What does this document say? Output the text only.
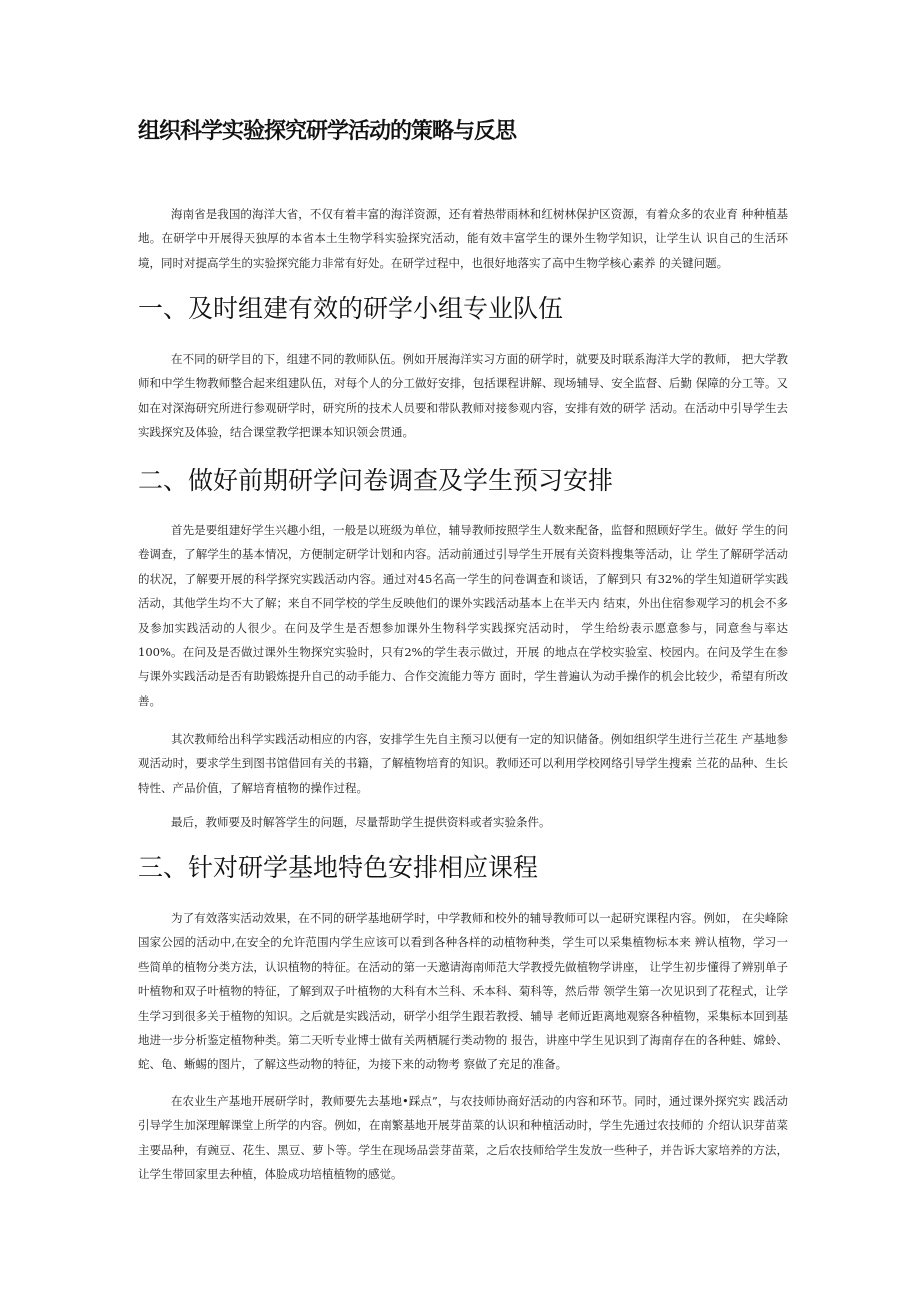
组织科学实验探究研学活动的策略与反思

海南省是我国的海洋大省，不仅有着丰富的海洋资源，还有着热带雨林和红树林保护区资源，有着众多的农业育 种种植基地。在研学中开展得天独厚的本省本土生物学科实验探究活动，能有效丰富学生的课外生物学知识，让学生认 识自己的生活环境，同时对提高学生的实验探究能力非常有好处。在研学过程中，也很好地落实了高中生物学核心素养 的关键问题。

一、及时组建有效的研学小组专业队伍

在不同的研学目的下，组建不同的教师队伍。例如开展海洋实习方面的研学时，就要及时联系海洋大学的教师， 把大学教师和中学生物教师整合起来组建队伍，对每个人的分工做好安排，包括课程讲解、现场辅导、安全监督、后勤 保障的分工等。又如在对深海研究所进行参观研学时，研究所的技术人员要和带队教师对接参观内容，安排有效的研学 活动。在活动中引导学生去实践探究及体验，结合课堂教学把课本知识领会贯通。

二、做好前期研学问卷调查及学生预习安排

首先是要组建好学生兴趣小组，一般是以班级为单位，辅导教师按照学生人数来配备，监督和照顾好学生。做好 学生的问卷调查，了解学生的基本情况，方便制定研学计划和内容。活动前通过引导学生开展有关资料搜集等活动，让 学生了解研学活动的状况，了解要开展的科学探究实践活动内容。通过对45名高一学生的问卷调查和谈话，了解到只 有32%的学生知道研学实践活动，其他学生均不大了解；来自不同学校的学生反映他们的课外实践活动基本上在半天内 结束，外出住宿参观学习的机会不多及参加实践活动的人很少。在问及学生是否想参加课外生物科学实践探究活动时， 学生给纷表示愿意参与，同意叁与率达100%。在问及是否做过课外生物探究实验时，只有2%的学生表示做过，开展 的地点在学校实验室、校园内。在问及学生在参与课外实践活动是否有助锻炼提升自己的动手能力、合作交流能力等方 面时，学生普遍认为动手操作的机会比较少，希望有所改善。

其次教师给出科学实践活动相应的内容，安排学生先自主预习以便有一定的知识储备。例如组织学生进行兰花生 产基地参观活动时，要求学生到图书馆借回有关的书籍，了解植物培育的知识。教师还可以利用学校网络引导学生搜索 兰花的品种、生长特性、产品价值，了解培育植物的操作过程。

最后，教师要及时解答学生的问题，尽量帮助学生提供资料或者实验条件。

三、针对研学基地特色安排相应课程

为了有效落实活动效果，在不同的研学基地研学时，中学教师和校外的辅导教师可以一起研究课程内容。例如， 在尖峰除国家公园的活动中,在安全的允许范围内学生应该可以看到各种各样的动植物种类，学生可以采集植物标本来 辨认植物，学习一些简单的植物分类方法，认识植物的特征。在活动的第一天邀请海南师范大学教授先做植物学讲座， 让学生初步懂得了辨别单子叶植物和双子叶植物的特征，了解到双子叶植物的大科有木兰科、禾本科、菊科等，然后带 领学生第一次见识到了花程式，让学生学习到很多关于植物的知识。之后就是实践活动，研学小组学生跟若教授、辅导 老师近距离地观察各种植物，采集标本回到基地进一步分析鉴定植物种类。第二天听专业博士做有关两栖屣行类动物的 报告，讲座中学生见识到了海南存在的各种蛙、嫦蛉、蛇、龟、蜥蜴的图片，了解这些动物的特征，为接下来的动物考 察做了充足的准备。

在农业生产基地开展研学时，教师要先去基地•踩点”，与农技师协商好活动的内容和环节。同时，通过课外探究实 践活动引导学生加深理解课堂上所学的内容。例如，在南繁基地开展芽苗菜的认识和种植活动时，学生先通过农技师的 介绍认识芽苗菜主要品种，有豌豆、花生、黑豆、萝卜等。学生在现场品尝芽苗菜，之后农技师给学生发放一些种子，并告诉大家培养的方法，让学生带回家里去种植，体脸成功培植植物的感觉。
